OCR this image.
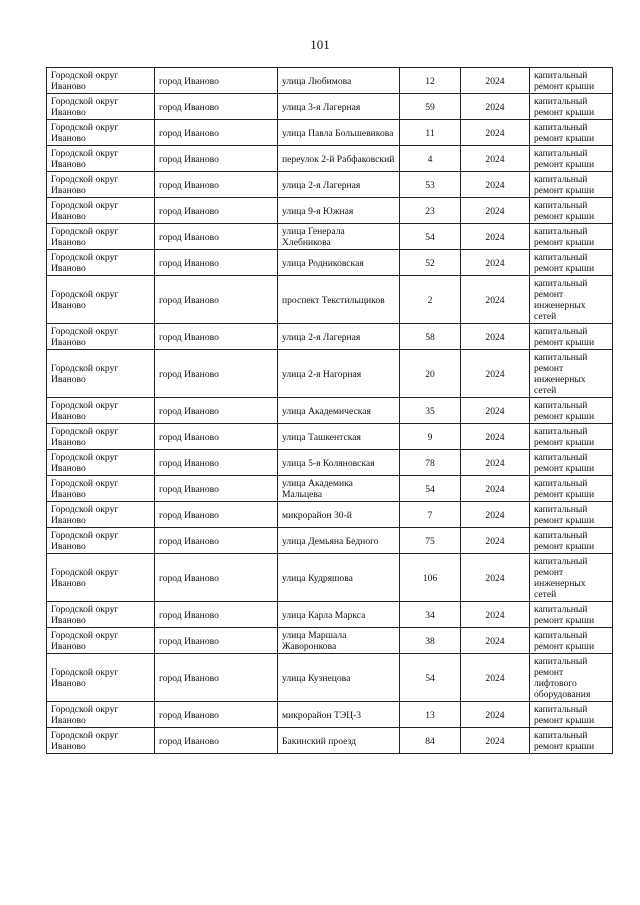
101
Городской округ Иваново	город Иваново	улица Любимова	12	2024	капитальный ремонт крыши

Городской округ Иваново	город Иваново	улица 3-я Лагерная	59	2024	капитальный ремонт крыши

Городской округ Иваново	город Иваново	улица Павла Большевикова	11	2024	капитальный ремонт крыши

Городской округ Иваново	город Иваново	переулок 2-й Рабфаковский	4	2024	капитальный ремонт крыши

Городской округ Иваново	город Иваново	улица 2-я Лагерная	53	2024	капитальный ремонт крыши

Городской округ Иваново	город Иваново	улица 9-я Южная	23	2024	капитальный ремонт крыши

Городской округ Иваново	город Иваново	улица Генерала Хлебникова	54	2024	капитальный ремонт крыши

Городской округ Иваново	город Иваново	улица Родниковская	52	2024	капитальный ремонт крыши

Городской округ Иваново	город Иваново	проспект Текстильщиков	2	2024	капитальный ремонт инженерных сетей

Городской округ Иваново	город Иваново	улица 2-я Лагерная	58	2024	капитальный ремонт крыши

Городской округ Иваново	город Иваново	улица 2-я Нагорная	20	2024	капитальный ремонт инженерных сетей

Городской округ Иваново	город Иваново	улица Академическая	35	2024	капитальный ремонт крыши

Городской округ Иваново	город Иваново	улица Ташкентская	9	2024	капитальный ремонт крыши

Городской округ Иваново	город Иваново	улица 5-я Коляновская	78	2024	капитальный ремонт крыши

Городской округ Иваново	город Иваново	улица Академика Мальцева	54	2024	капитальный ремонт крыши

Городской округ Иваново	город Иваново	микрорайон 30-й	7	2024	капитальный ремонт крыши

Городской округ Иваново	город Иваново	улица Демьяна Бедного	75	2024	капитальный ремонт крыши

Городской округ Иваново	город Иваново	улица Кудряшова	106	2024	капитальный ремонт инженерных сетей

Городской округ Иваново	город Иваново	улица Карла Маркса	34	2024	капитальный ремонт крыши

Городской округ Иваново	город Иваново	улица Маршала Жаворонкова	38	2024	капитальный ремонт крыши

Городской округ Иваново	город Иваново	улица Кузнецова	54	2024	капитальный ремонт лифтового оборудования

Городской округ Иваново	город Иваново	микрорайон ТЭЦ-3	13	2024	капитальный ремонт крыши

Городской округ Иваново	город Иваново	Бакинский проезд	84	2024	капитальный ремонт крыши
